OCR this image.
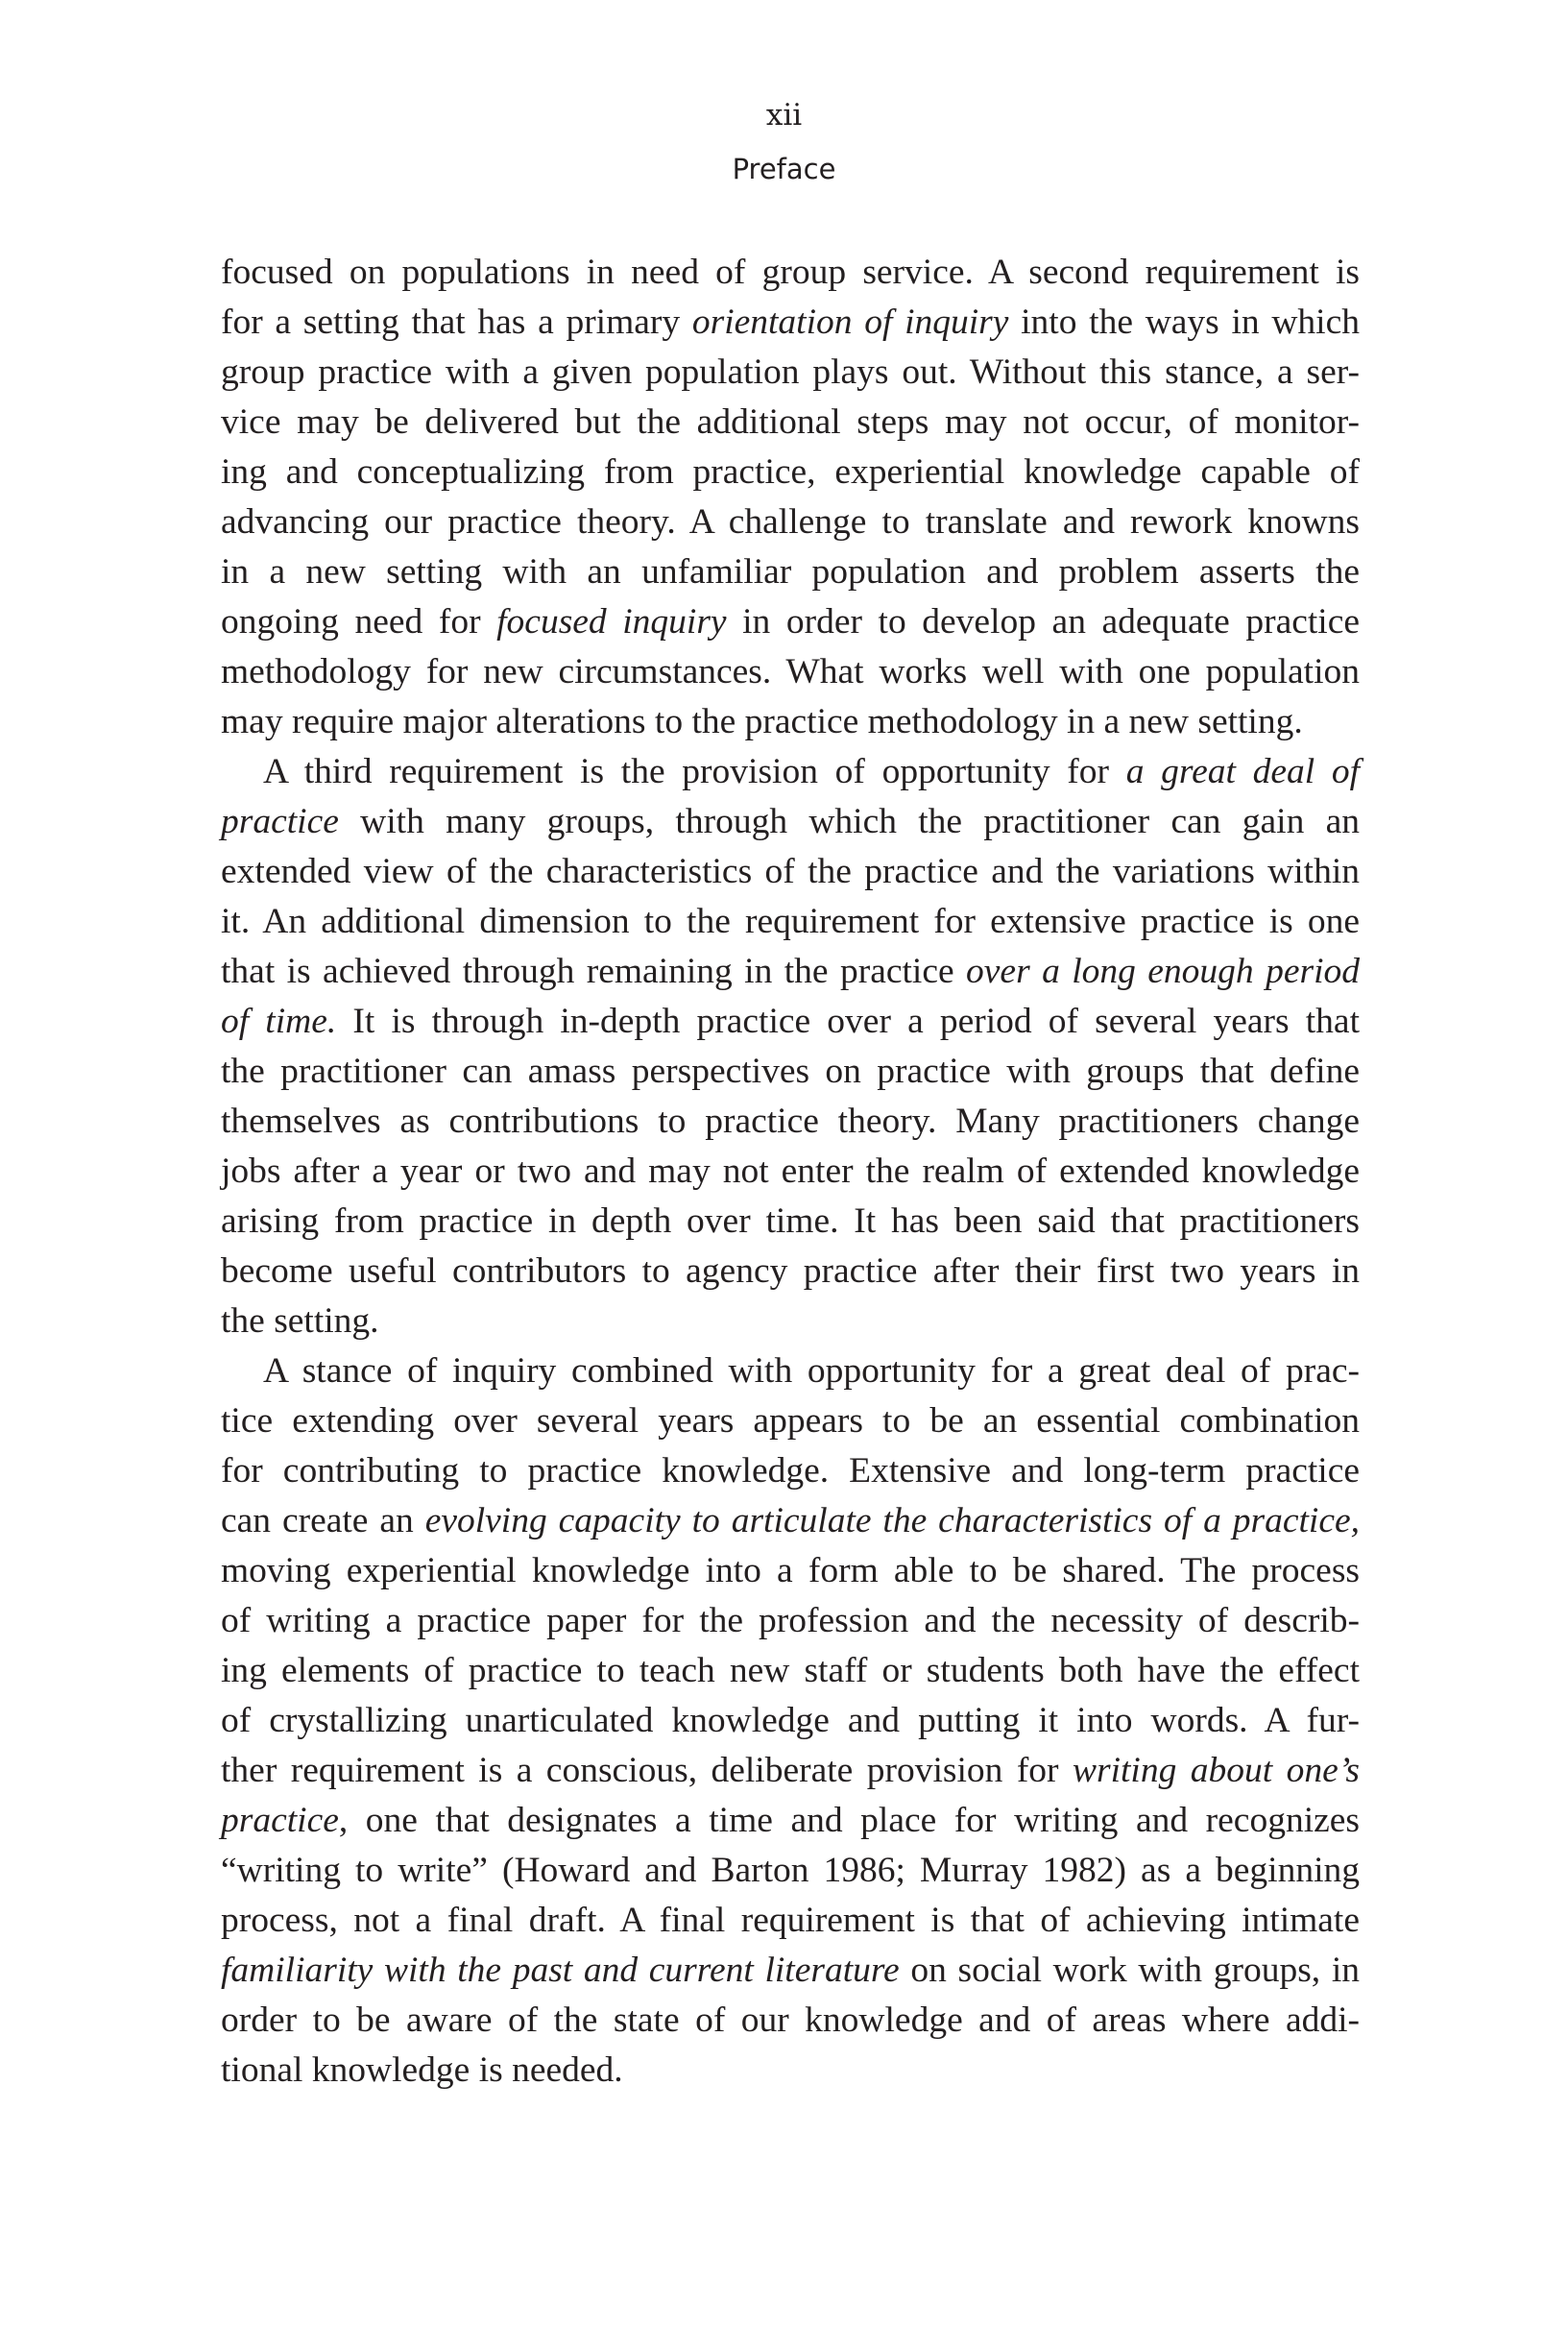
xii
Preface
focused on populations in need of group service. A second requirement is
for a setting that has a primary orientation of inquiry into the ways in which
group practice with a given population plays out. Without this stance, a ser-
vice may be delivered but the additional steps may not occur, of monitor-
ing and conceptualizing from practice, experiential knowledge capable of
advancing our practice theory. A challenge to translate and rework knowns
in a new setting with an unfamiliar population and problem asserts the
ongoing need for focused inquiry in order to develop an adequate practice
methodology for new circumstances. What works well with one population
may require major alterations to the practice methodology in a new setting.
A third requirement is the provision of opportunity for a great deal of
practice with many groups, through which the practitioner can gain an
extended view of the characteristics of the practice and the variations within
it. An additional dimension to the requirement for extensive practice is one
that is achieved through remaining in the practice over a long enough period
of time. It is through in-depth practice over a period of several years that
the practitioner can amass perspectives on practice with groups that define
themselves as contributions to practice theory. Many practitioners change
jobs after a year or two and may not enter the realm of extended knowledge
arising from practice in depth over time. It has been said that practitioners
become useful contributors to agency practice after their first two years in
the setting.
A stance of inquiry combined with opportunity for a great deal of prac-
tice extending over several years appears to be an essential combination
for contributing to practice knowledge. Extensive and long-term practice
can create an evolving capacity to articulate the characteristics of a practice,
moving experiential knowledge into a form able to be shared. The process
of writing a practice paper for the profession and the necessity of describ-
ing elements of practice to teach new staff or students both have the effect
of crystallizing unarticulated knowledge and putting it into words. A fur-
ther requirement is a conscious, deliberate provision for writing about one’s
practice, one that designates a time and place for writing and recognizes
“writing to write” (Howard and Barton 1986; Murray 1982) as a beginning
process, not a final draft. A final requirement is that of achieving intimate
familiarity with the past and current literature on social work with groups, in
order to be aware of the state of our knowledge and of areas where addi-
tional knowledge is needed.
